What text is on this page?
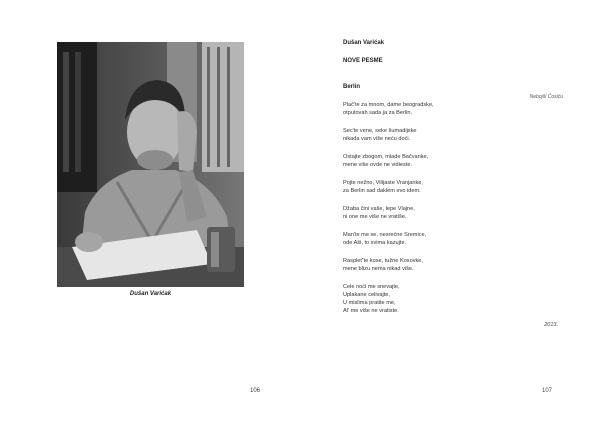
Dušan Varićak
106
Dušan Varićak
NOVE PESME
Berlin
Nebojši Ćosiću
Plač'te za mnom, dame beogradske,
otputovah sada ja za Berlin.
Sec'te vene, seke šumadijske
nikada vam više neću doći.
Ostajte zbogom, mlade Bačvanke,
mene više ovde ne vidieste.
Pojte nežno, Vilijaste Vranjanke,
za Berlin sad daklem evo idem.
Džaba čini vaše, lepe Vlajne,
ni one me više ne vratiše.
Man'te me se, nesrećne Sremice,
ode Aši, to svima kazujte.
Raspleť'te kose, tužne Kosovke,
mene blizu nema nikad više.
Cele noći me snevajte,
Uplakane celivajte,
U mislima pratite me,
Al' me više ne vratiste.
2013.
107
